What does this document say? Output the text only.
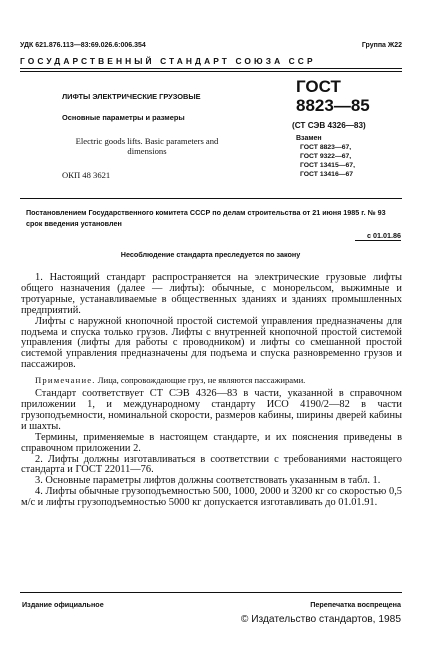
УДК 621.876.113—83:69.026.6:006.354	Группа Ж22
ГОСУДАРСТВЕННЫЙ СТАНДАРТ СОЮЗА ССР
ЛИФТЫ ЭЛЕКТРИЧЕСКИЕ ГРУЗОВЫЕ
Основные параметры и размеры
Electric goods lifts. Basic parameters and dimensions
ОКП 48 3621
ГОСТ
8823—85
(СТ СЭВ 4326—83)
Взамен
ГОСТ 8823—67,
ГОСТ 9322—67,
ГОСТ 13415—67,
ГОСТ 13416—67
Постановлением Государственного комитета СССР по делам строительства от 21 июня 1985 г. № 93 срок введения установлен
с 01.01.86
Несоблюдение стандарта преследуется по закону

1. Настоящий стандарт распространяется на электрические грузовые лифты общего назначения (далее — лифты): обычные, с монорельсом, выжимные и тротуарные, устанавливаемые в общественных зданиях и зданиях промышленных предприятий.

Лифты с наружной кнопочной простой системой управления предназначены для подъема и спуска только грузов. Лифты с внутренней кнопочной простой системой управления (лифты для работы с проводником) и лифты со смешанной простой системой управления предназначены для подъема и спуска разновременно грузов и пассажиров.

Примечание. Лица, сопровождающие груз, не являются пассажирами.

Стандарт соответствует СТ СЭВ 4326—83 в части, указанной в справочном приложении 1, и международному стандарту ИСО 4190/2—82 в части грузоподъемности, номинальной скорости, размеров кабины, ширины дверей кабины и шахты.

Термины, применяемые в настоящем стандарте, и их пояснения приведены в справочном приложении 2.

2. Лифты должны изготавливаться в соответствии с требованиями настоящего стандарта и ГОСТ 22011—76.

3. Основные параметры лифтов должны соответствовать указанным в табл. 1.

4. Лифты обычные грузоподъемностью 500, 1000, 2000 и 3200 кг со скоростью 0,5 м/с и лифты грузоподъемностью 5000 кг допускается изготавливать до 01.01.91.

Издание официальное	Перепечатка воспрещена
© Издательство стандартов, 1985
